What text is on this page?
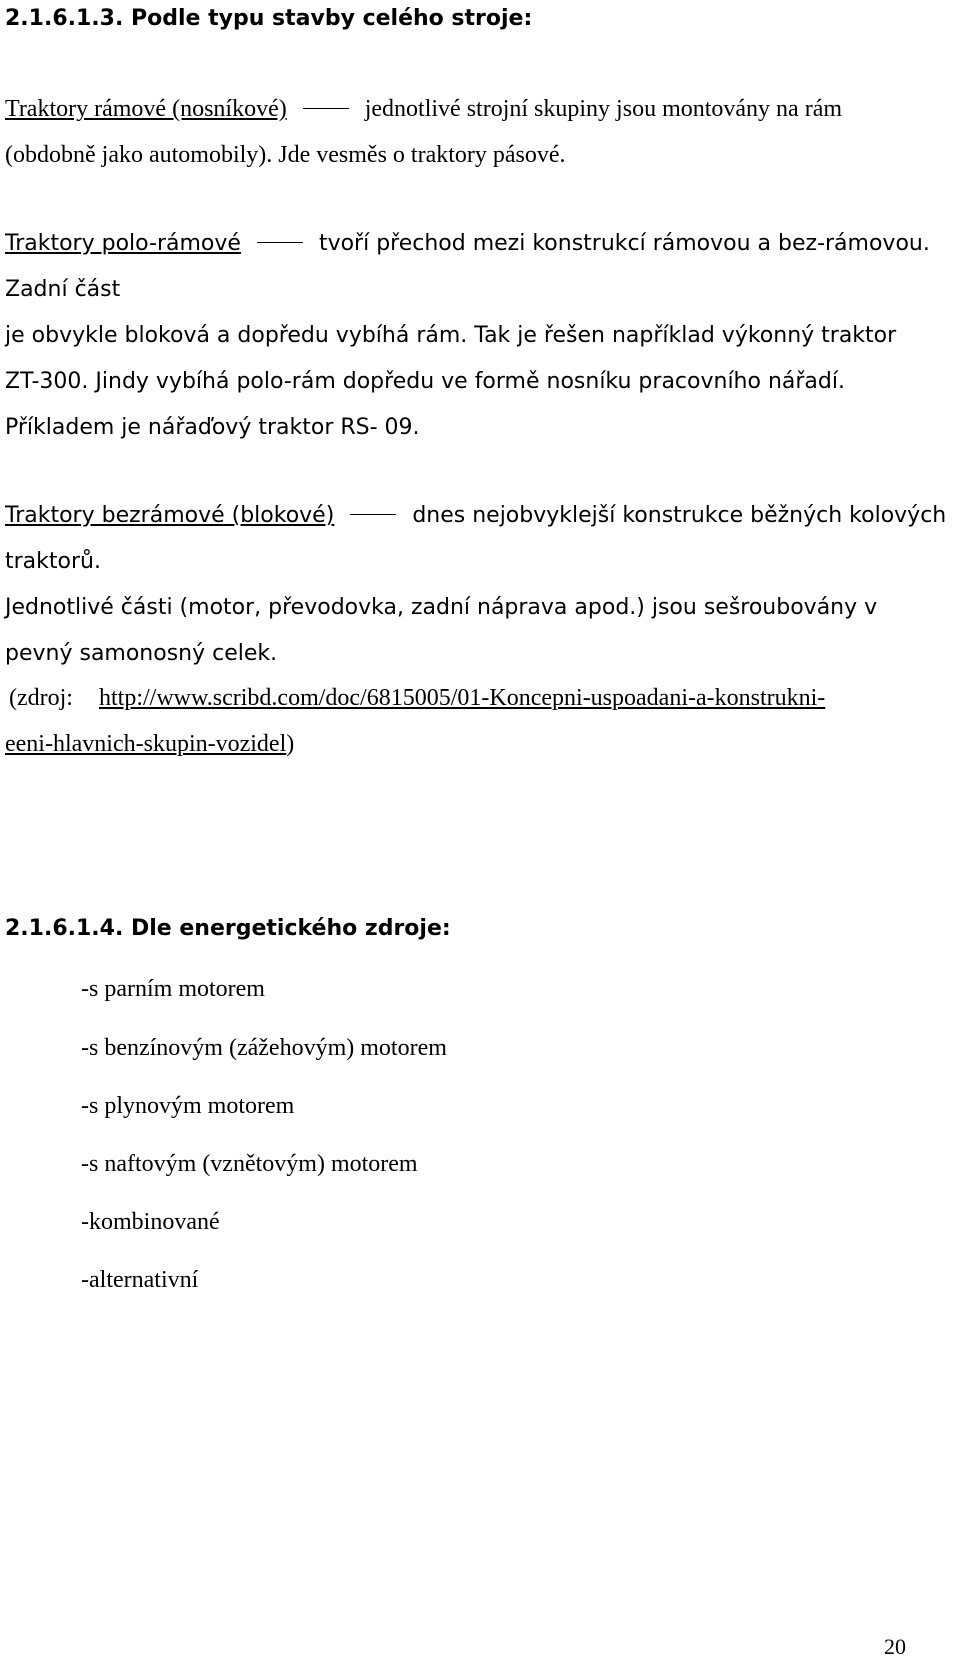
2.1.6.1.3. Podle typu stavby celého stroje:
Traktory rámové (nosníkové)	jednotlivé strojní skupiny jsou montovány na rám
(obdobně jako automobily). Jde vesměs o traktory pásové.
Traktory polo-rámové	tvoří přechod mezi konstrukcí rámovou a bez-rámovou.
Zadní část
je obvykle bloková a dopředu vybíhá rám. Tak je řešen například výkonný traktor
ZT-300. Jindy vybíhá polo-rám dopředu ve formě nosníku pracovního nářadí.
Příkladem je nářaďový traktor RS- 09.
Traktory bezrámové (blokové)	dnes nejobvyklejší konstrukce běžných kolových
traktorů.
Jednotlivé části (motor, převodovka, zadní náprava apod.) jsou sešroubovány v
pevný samonosný celek.
(zdroj: http://www.scribd.com/doc/6815005/01-Koncepni-uspoadani-a-konstrukni-
eeni-hlavnich-skupin-vozidel)
2.1.6.1.4. Dle energetického zdroje:
-s parním motorem
-s benzínovým (zážehovým) motorem
-s plynovým motorem
-s naftovým (vznětovým) motorem
-kombinované
-alternativní
20
